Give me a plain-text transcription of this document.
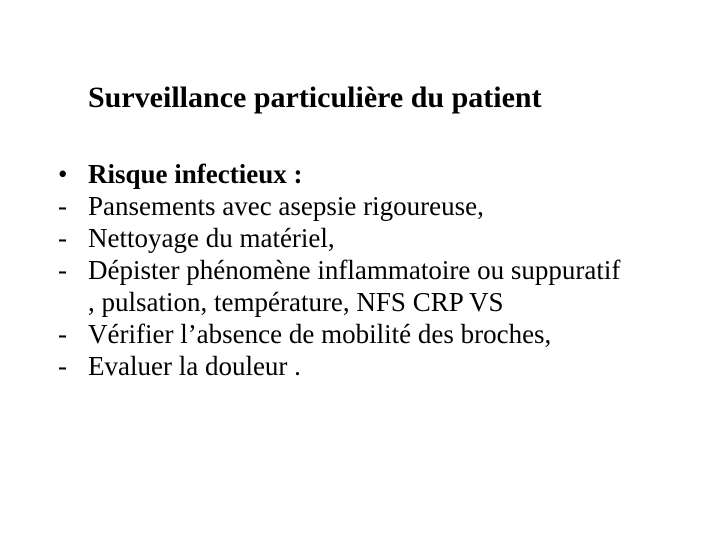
Surveillance particulière du patient
• Risque infectieux :
- Pansements avec asepsie rigoureuse,
- Nettoyage du matériel,
- Dépister phénomène inflammatoire ou suppuratif , pulsation, température, NFS CRP VS
- Vérifier l’absence de mobilité des broches,
- Evaluer la douleur .
